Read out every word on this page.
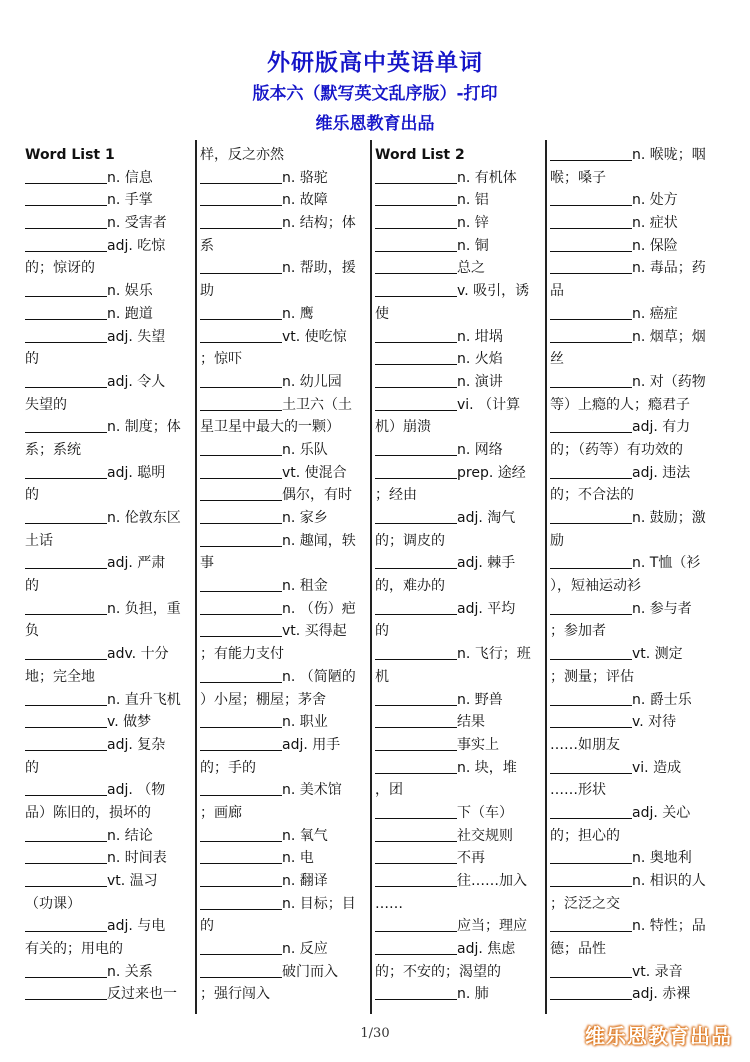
外研版高中英语单词
版本六（默写英文乱序版）-打印
维乐恩教育出品
Word List 1
n. 信息
n. 手掌
n. 受害者
adj. 吃惊
的；惊讶的
n. 娱乐
n. 跑道
adj. 失望
的
adj. 令人
失望的
n. 制度；体
系；系统
adj. 聪明
的
n. 伦敦东区
土话
adj. 严肃
的
n. 负担，重
负
adv. 十分
地；完全地
n. 直升飞机
v. 做梦
adj. 复杂
的
adj. （物
品）陈旧的，损坏的
n. 结论
n. 时间表
vt. 温习
（功课）
adj. 与电
有关的；用电的
n. 关系
反过来也一
样，反之亦然
n. 骆驼
n. 故障
n. 结构；体
系
n. 帮助，援
助
n. 鹰
vt. 使吃惊
；惊吓
n. 幼儿园
土卫六（土
星卫星中最大的一颗）
n. 乐队
vt. 使混合
偶尔，有时
n. 家乡
n. 趣闻，轶
事
n. 租金
n. （伤）疤
vt. 买得起
；有能力支付
n. （简陋的
）小屋；棚屋；茅舍
n. 职业
adj. 用手
的；手的
n. 美术馆
；画廊
n. 氧气
n. 电
n. 翻译
n. 目标；目
的
n. 反应
破门而入
；强行闯入
Word List 2
n. 有机体
n. 铝
n. 锌
n. 铜
总之
v. 吸引，诱
使
n. 坩埚
n. 火焰
n. 演讲
vi. （计算
机）崩溃
n. 网络
prep. 途经
；经由
adj. 淘气
的；调皮的
adj. 棘手
的，难办的
adj. 平均
的
n. 飞行；班
机
n. 野兽
结果
事实上
n. 块，堆
，团
下（车）
社交规则
不再
往……加入
……
应当；理应
adj. 焦虑
的；不安的；渴望的
n. 肺
n. 喉咙；咽
喉；嗓子
n. 处方
n. 症状
n. 保险
n. 毒品；药
品
n. 癌症
n. 烟草；烟
丝
n. 对（药物
等）上瘾的人；瘾君子
adj. 有力
的；（药等）有功效的
adj. 违法
的；不合法的
n. 鼓励；激
励
n. T恤（衫
），短袖运动衫
n. 参与者
；参加者
vt. 测定
；测量；评估
n. 爵士乐
v. 对待
……如朋友
vi. 造成
……形状
adj. 关心
的；担心的
n. 奥地利
n. 相识的人
；泛泛之交
n. 特性；品
德；品性
vt. 录音
adj. 赤裸
1/30	维乐恩教育出品
